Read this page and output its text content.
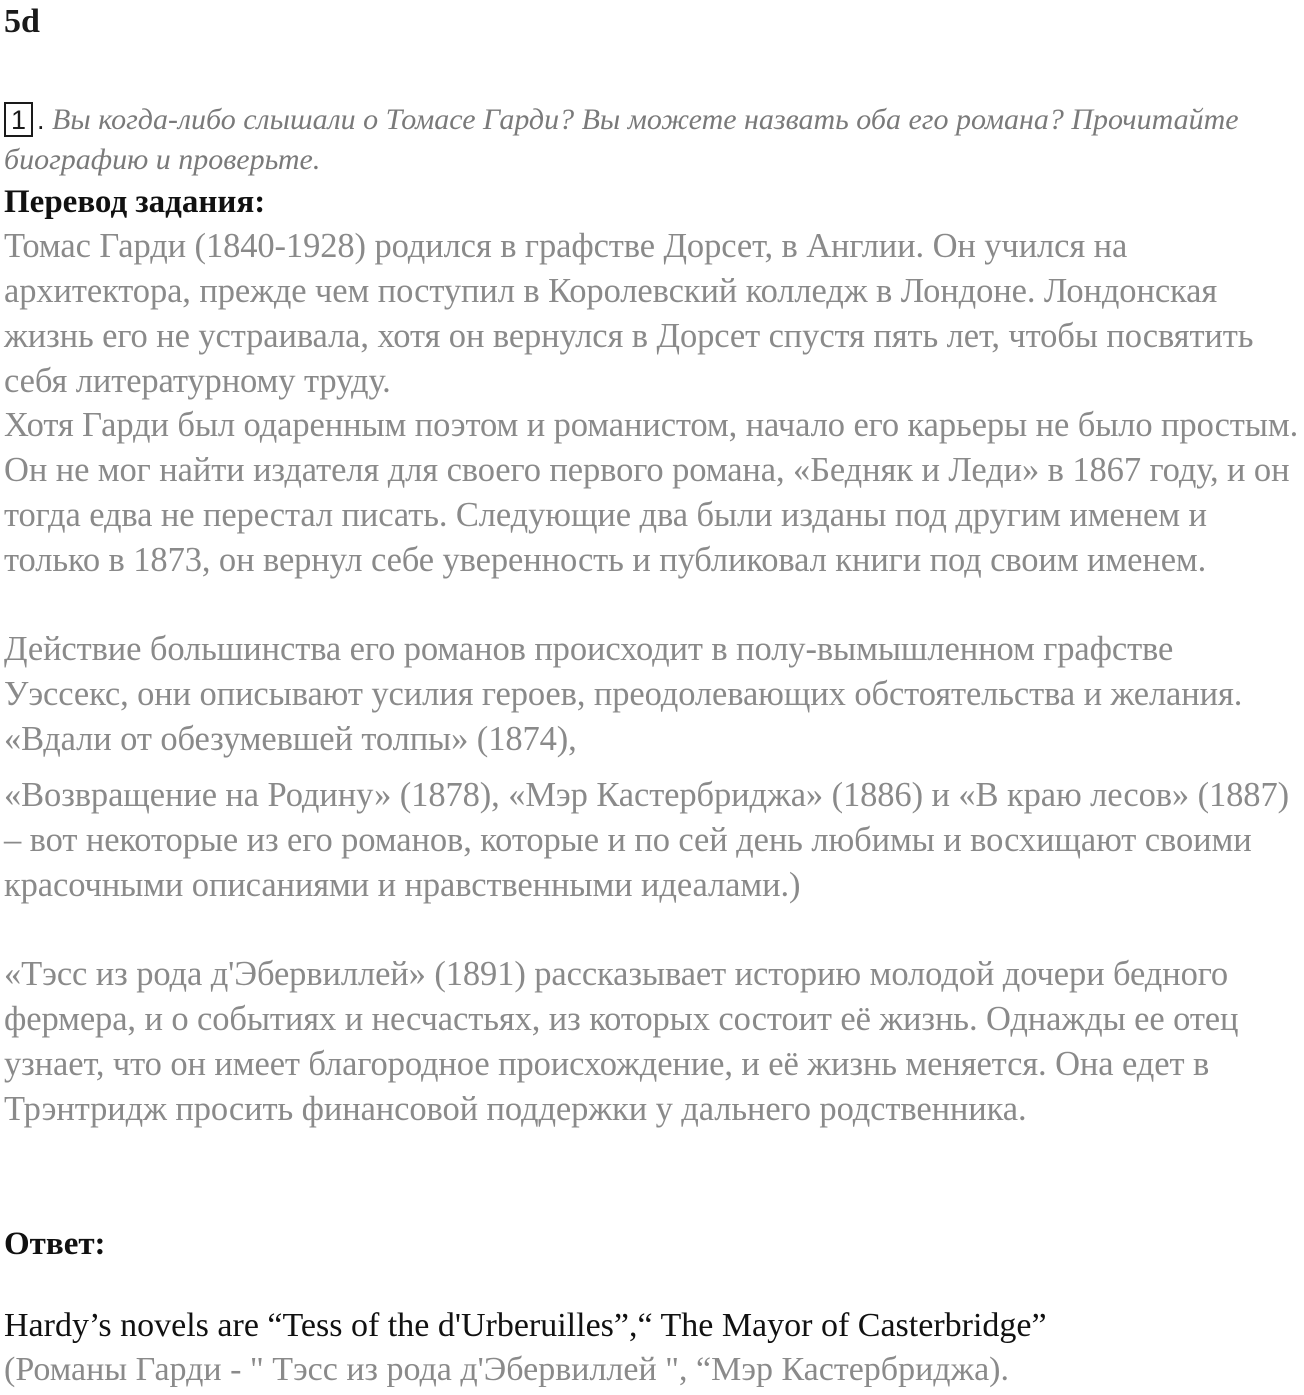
5d
1 . Вы когда-либо слышали о Томасе Гарди? Вы можете назвать оба его романа? Прочитайте биографию и проверьте.
Перевод задания:

Томас Гарди (1840-1928) родился в графстве Дорсет, в Англии. Он учился на архитектора, прежде чем поступил в Королевский колледж в Лондоне. Лондонская жизнь его не устраивала, хотя он вернулся в Дорсет спустя пять лет, чтобы посвятить себя литературному труду.

Хотя Гарди был одаренным поэтом и романистом, начало его карьеры не было простым. Он не мог найти издателя для своего первого романа, «Бедняк и Леди» в 1867 году, и он тогда едва не перестал писать. Следующие два были изданы под другим именем и только в 1873, он вернул себе уверенность и публиковал книги под своим именем.

Действие большинства его романов происходит в полу-вымышленном графстве Уэссекс, они описывают усилия героев, преодолевающих обстоятельства и желания. «Вдали от обезумевшей толпы» (1874),

«Возвращение на Родину» (1878), «Мэр Кастербриджа» (1886) и «В краю лесов» (1887) – вот некоторые из его романов, которые и по сей день любимы и восхищают своими красочными описаниями и нравственными идеалами.)

«Тэсс из рода д'Эбервиллей» (1891) рассказывает историю молодой дочери бедного фермера, и о событиях и несчастьях, из которых состоит её жизнь. Однажды ее отец узнает, что он имеет благородное происхождение, и её жизнь меняется. Она едет в Трэнтридж просить финансовой поддержки у дальнего родственника.

Ответ:
Hardy’s novels are “Tess of the d'Urberuilles”,“ The Mayor of Casterbridge”
(Романы Гарди - " Тэсс из рода д'Эбервиллей ", “Мэр Кастербриджа).
